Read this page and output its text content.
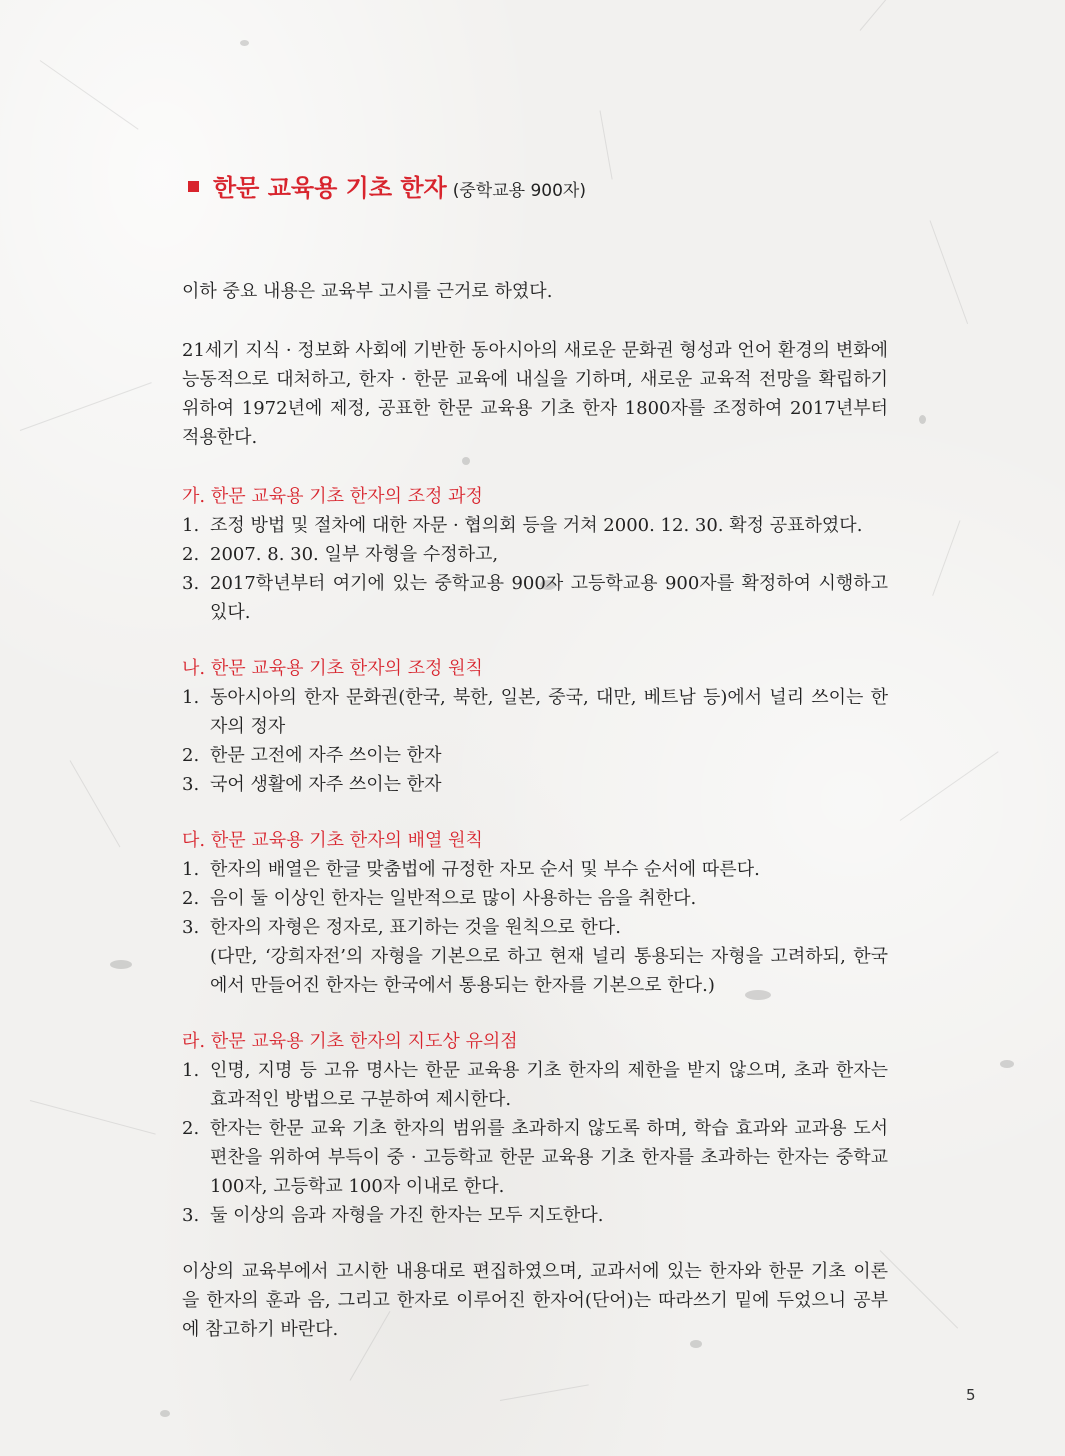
한문 교육용 기초 한자 (중학교용 900자)

이하 중요 내용은 교육부 고시를 근거로 하였다.

21세기 지식 · 정보화 사회에 기반한 동아시아의 새로운 문화권 형성과 언어 환경의 변화에 능동적으로 대처하고, 한자 · 한문 교육에 내실을 기하며, 새로운 교육적 전망을 확립하기 위하여 1972년에 제정, 공표한 한문 교육용 기초 한자 1800자를 조정하여 2017년부터 적용한다.

가. 한문 교육용 기초 한자의 조정 과정

1. 조정 방법 및 절차에 대한 자문 · 협의회 등을 거쳐 2000. 12. 30. 확정 공표하였다.
2. 2007. 8. 30. 일부 자형을 수정하고,
3. 2017학년부터 여기에 있는 중학교용 900자 고등학교용 900자를 확정하여 시행하고 있다.

나. 한문 교육용 기초 한자의 조정 원칙

1. 동아시아의 한자 문화권(한국, 북한, 일본, 중국, 대만, 베트남 등)에서 널리 쓰이는 한자의 정자
2. 한문 고전에 자주 쓰이는 한자
3. 국어 생활에 자주 쓰이는 한자

다. 한문 교육용 기초 한자의 배열 원칙

1. 한자의 배열은 한글 맞춤법에 규정한 자모 순서 및 부수 순서에 따른다.
2. 음이 둘 이상인 한자는 일반적으로 많이 사용하는 음을 취한다.
3. 한자의 자형은 정자로, 표기하는 것을 원칙으로 한다.

(다만, ‘강희자전’의 자형을 기본으로 하고 현재 널리 통용되는 자형을 고려하되, 한국에서 만들어진 한자는 한국에서 통용되는 한자를 기본으로 한다.)

라. 한문 교육용 기초 한자의 지도상 유의점

1. 인명, 지명 등 고유 명사는 한문 교육용 기초 한자의 제한을 받지 않으며, 초과 한자는 효과적인 방법으로 구분하여 제시한다.
2. 한자는 한문 교육 기초 한자의 범위를 초과하지 않도록 하며, 학습 효과와 교과용 도서 편찬을 위하여 부득이 중 · 고등학교 한문 교육용 기초 한자를 초과하는 한자는 중학교 100자, 고등학교 100자 이내로 한다.
3. 둘 이상의 음과 자형을 가진 한자는 모두 지도한다.

이상의 교육부에서 고시한 내용대로 편집하였으며, 교과서에 있는 한자와 한문 기초 이론을 한자의 훈과 음, 그리고 한자로 이루어진 한자어(단어)는 따라쓰기 밑에 두었으니 공부에 참고하기 바란다.

5
